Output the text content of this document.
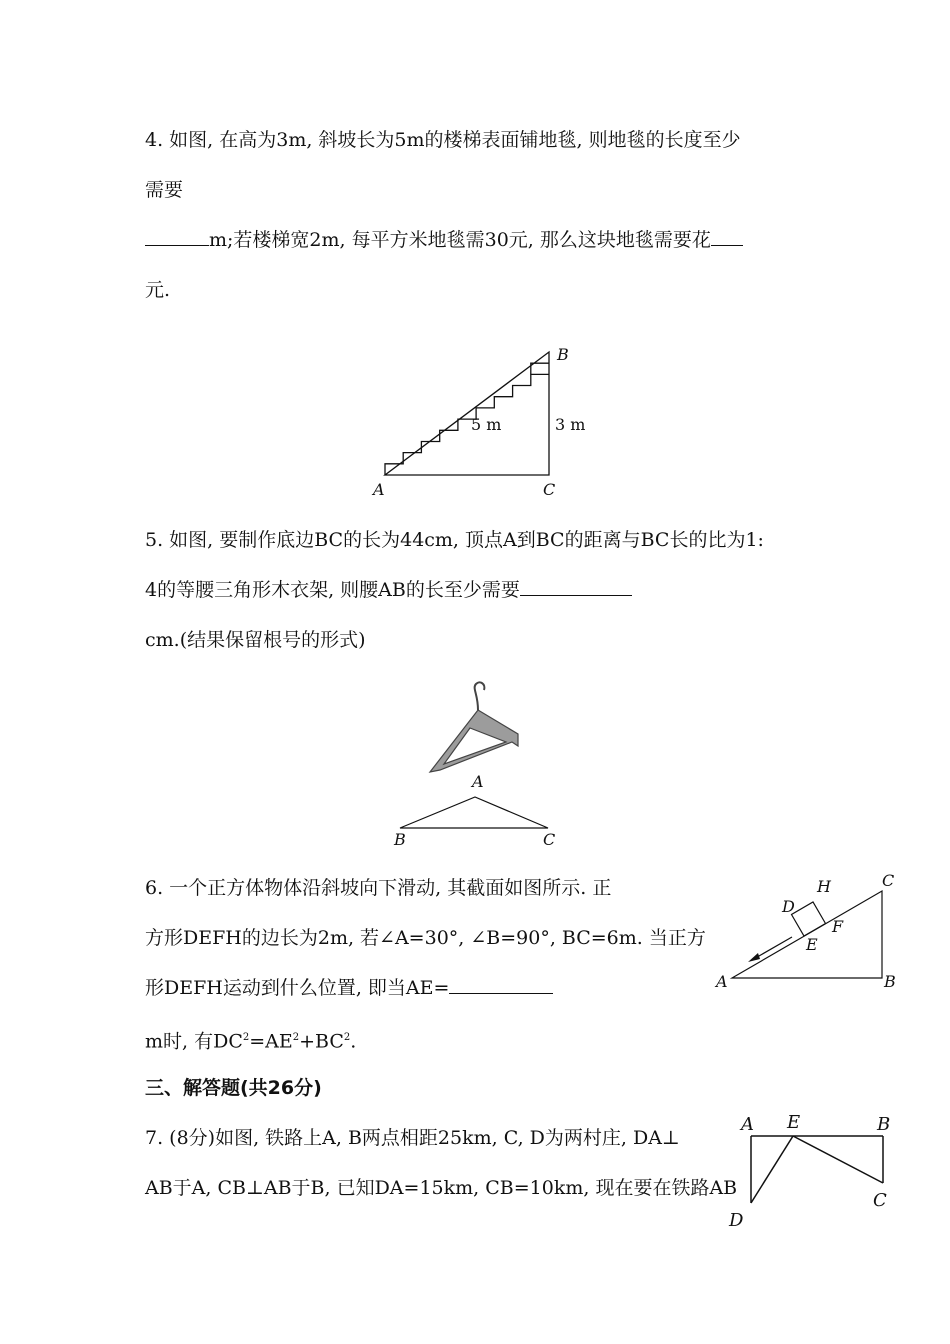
4. 如图, 在高为3m, 斜坡长为5m的楼梯表面铺地毯, 则地毯的长度至少
需要
m;若楼梯宽2m, 每平方米地毯需30元, 那么这块地毯需要花
元.
A
B
C
5 m	3 m
5. 如图, 要制作底边BC的长为44cm, 顶点A到BC的距离与BC长的比为1:
4的等腰三角形木衣架, 则腰AB的长至少需要
cm.(结果保留根号的形式)
A
B	C
6. 一个正方体物体沿斜坡向下滑动, 其截面如图所示. 正
方形DEFH的边长为2m, 若∠A=30°, ∠B=90°, BC=6m. 当正方
形DEFH运动到什么位置, 即当AE=
m时, 有$DC^2=AE^2+BC^2$.
A	B
C
D
H
E
F
三、解答题(共26分)
7. (8分)如图, 铁路上A, B两点相距25km, C, D为两村庄, DA⊥
AB于A, CB⊥AB于B, 已知DA=15km, CB=10km, 现在要在铁路AB
A E	B
C
D
